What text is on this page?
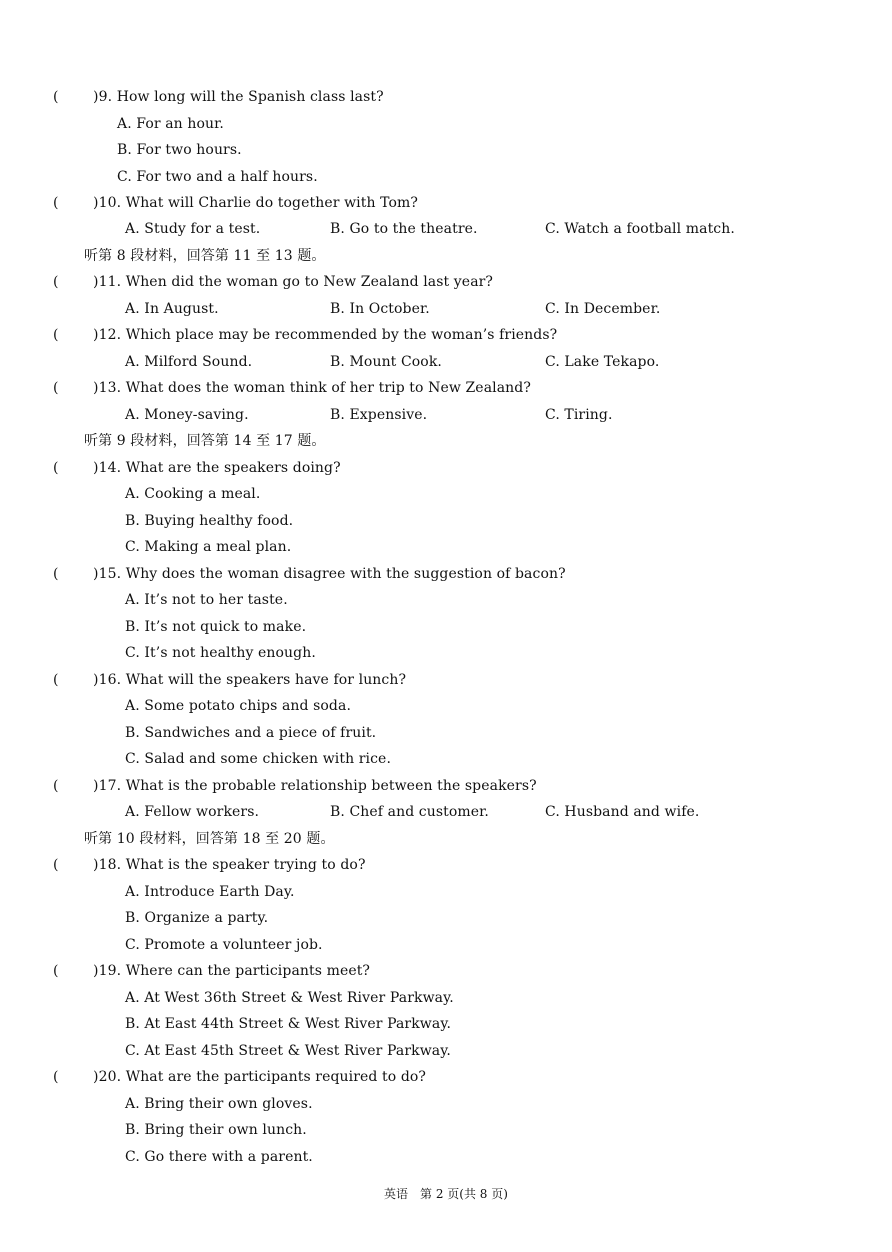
( )9. How long will the Spanish class last?
A. For an hour.
B. For two hours.
C. For two and a half hours.
( )10. What will Charlie do together with Tom?
A. Study for a test.	B. Go to the theatre.	C. Watch a football match.
听第 8 段材料，回答第 11 至 13 题。
( )11. When did the woman go to New Zealand last year?
A. In August.	B. In October.	C. In December.
( )12. Which place may be recommended by the woman’s friends?
A. Milford Sound.	B. Mount Cook.	C. Lake Tekapo.
( )13. What does the woman think of her trip to New Zealand?
A. Money-saving.	B. Expensive.	C. Tiring.
听第 9 段材料，回答第 14 至 17 题。
( )14. What are the speakers doing?
A. Cooking a meal.
B. Buying healthy food.
C. Making a meal plan.
( )15. Why does the woman disagree with the suggestion of bacon?
A. It’s not to her taste.
B. It’s not quick to make.
C. It’s not healthy enough.
( )16. What will the speakers have for lunch?
A. Some potato chips and soda.
B. Sandwiches and a piece of fruit.
C. Salad and some chicken with rice.
( )17. What is the probable relationship between the speakers?
A. Fellow workers.	B. Chef and customer.	C. Husband and wife.
听第 10 段材料，回答第 18 至 20 题。
( )18. What is the speaker trying to do?
A. Introduce Earth Day.
B. Organize a party.
C. Promote a volunteer job.
( )19. Where can the participants meet?
A. At West 36th Street & West River Parkway.
B. At East 44th Street & West River Parkway.
C. At East 45th Street & West River Parkway.
( )20. What are the participants required to do?
A. Bring their own gloves.
B. Bring their own lunch.
C. Go there with a parent.
英语　第 2 页(共 8 页)
